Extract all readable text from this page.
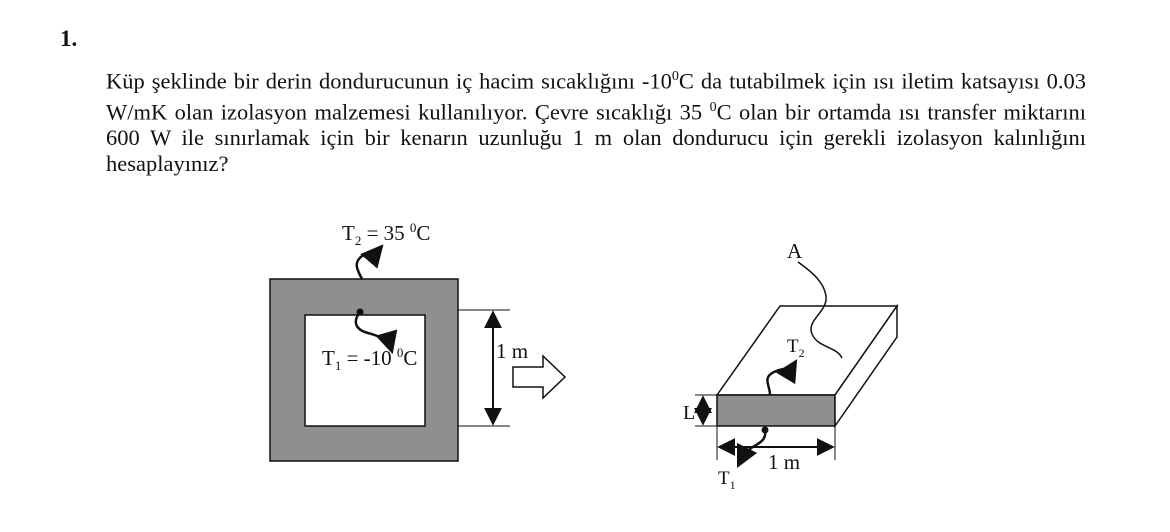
1.

Küp şeklinde bir derin dondurucunun iç hacim sıcaklığını $-10^0C$ da tutabilmek için ısı iletim katsayısı 0.03 W/mK olan izolasyon malzemesi kullanılıyor. Çevre sıcaklığı 35 $^0$C olan bir ortamda ısı transfer miktarını 600 W ile sınırlamak için bir kenarın uzunluğu 1 m olan dondurucu için gerekli izolasyon kalınlığını hesaplayınız?

$T_2 = 35$ $^0$C
$T_1 = -10$ $^0$C	1 m
A
$T_2$
L
1 m
$T_1$
